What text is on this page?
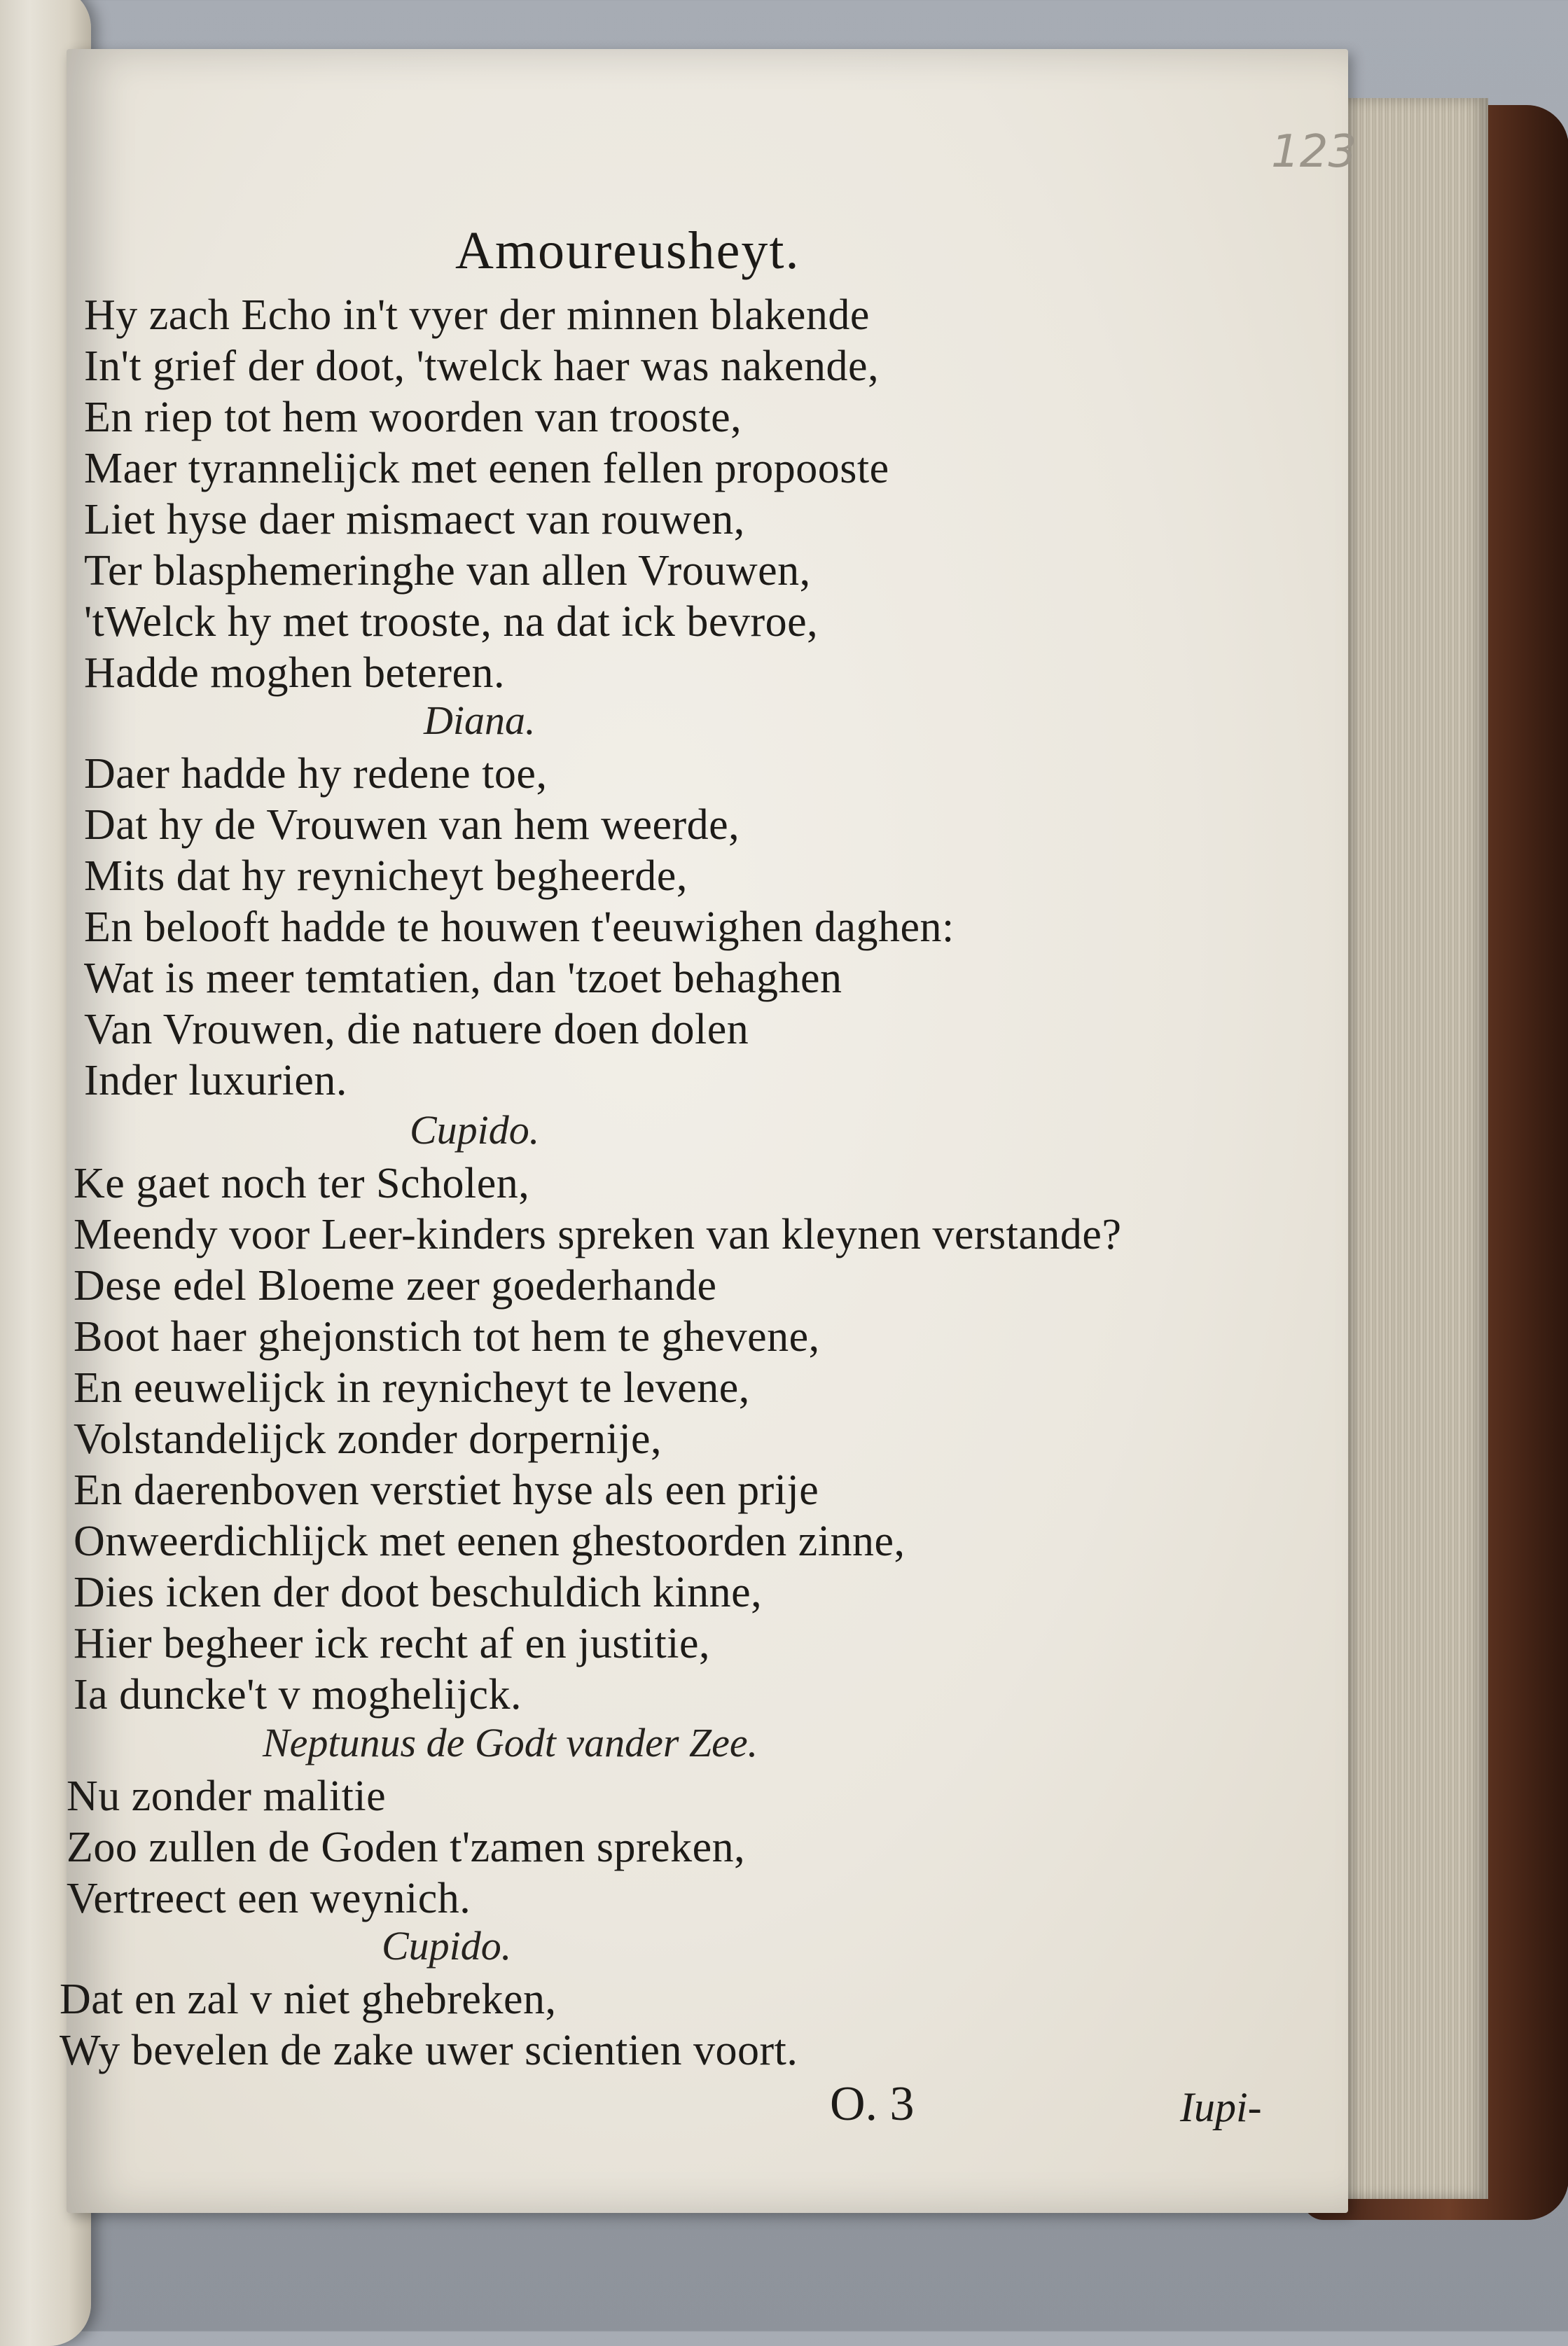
123
Amoureusheyt.
Hy zach Echo in't vyer der minnen blakende
In't grief der doot, 'twelck haer was nakende,
En riep tot hem woorden van trooste,
Maer tyrannelijck met eenen fellen propooste
Liet hyse daer mismaect van rouwen,
Ter blasphemeringhe van allen Vrouwen,
'tWelck hy met trooste, na dat ick bevroe,
Hadde moghen beteren.
Diana.
Daer hadde hy redene toe,
Dat hy de Vrouwen van hem weerde,
Mits dat hy reynicheyt begheerde,
En belooft hadde te houwen t'eeuwighen daghen:
Wat is meer temtatien, dan 'tzoet behaghen
Van Vrouwen, die natuere doen dolen
Inder luxurien.
Cupido.
Ke gaet noch ter Scholen,
Meendy voor Leer-kinders spreken van kleynen verstande?
Dese edel Bloeme zeer goederhande
Boot haer ghejonstich tot hem te ghevene,
En eeuwelijck in reynicheyt te levene,
Volstandelijck zonder dorpernije,
En daerenboven verstiet hyse als een prije
Onweerdichlijck met eenen ghestoorden zinne,
Dies icken der doot beschuldich kinne,
Hier begheer ick recht af en justitie,
Ia duncke't v moghelijck.
Neptunus de Godt vander Zee.
Nu zonder malitie
Zoo zullen de Goden t'zamen spreken,
Vertreect een weynich.
Cupido.
Dat en zal v niet ghebreken,
Wy bevelen de zake uwer scientien voort.
O. 3	Iupi-
